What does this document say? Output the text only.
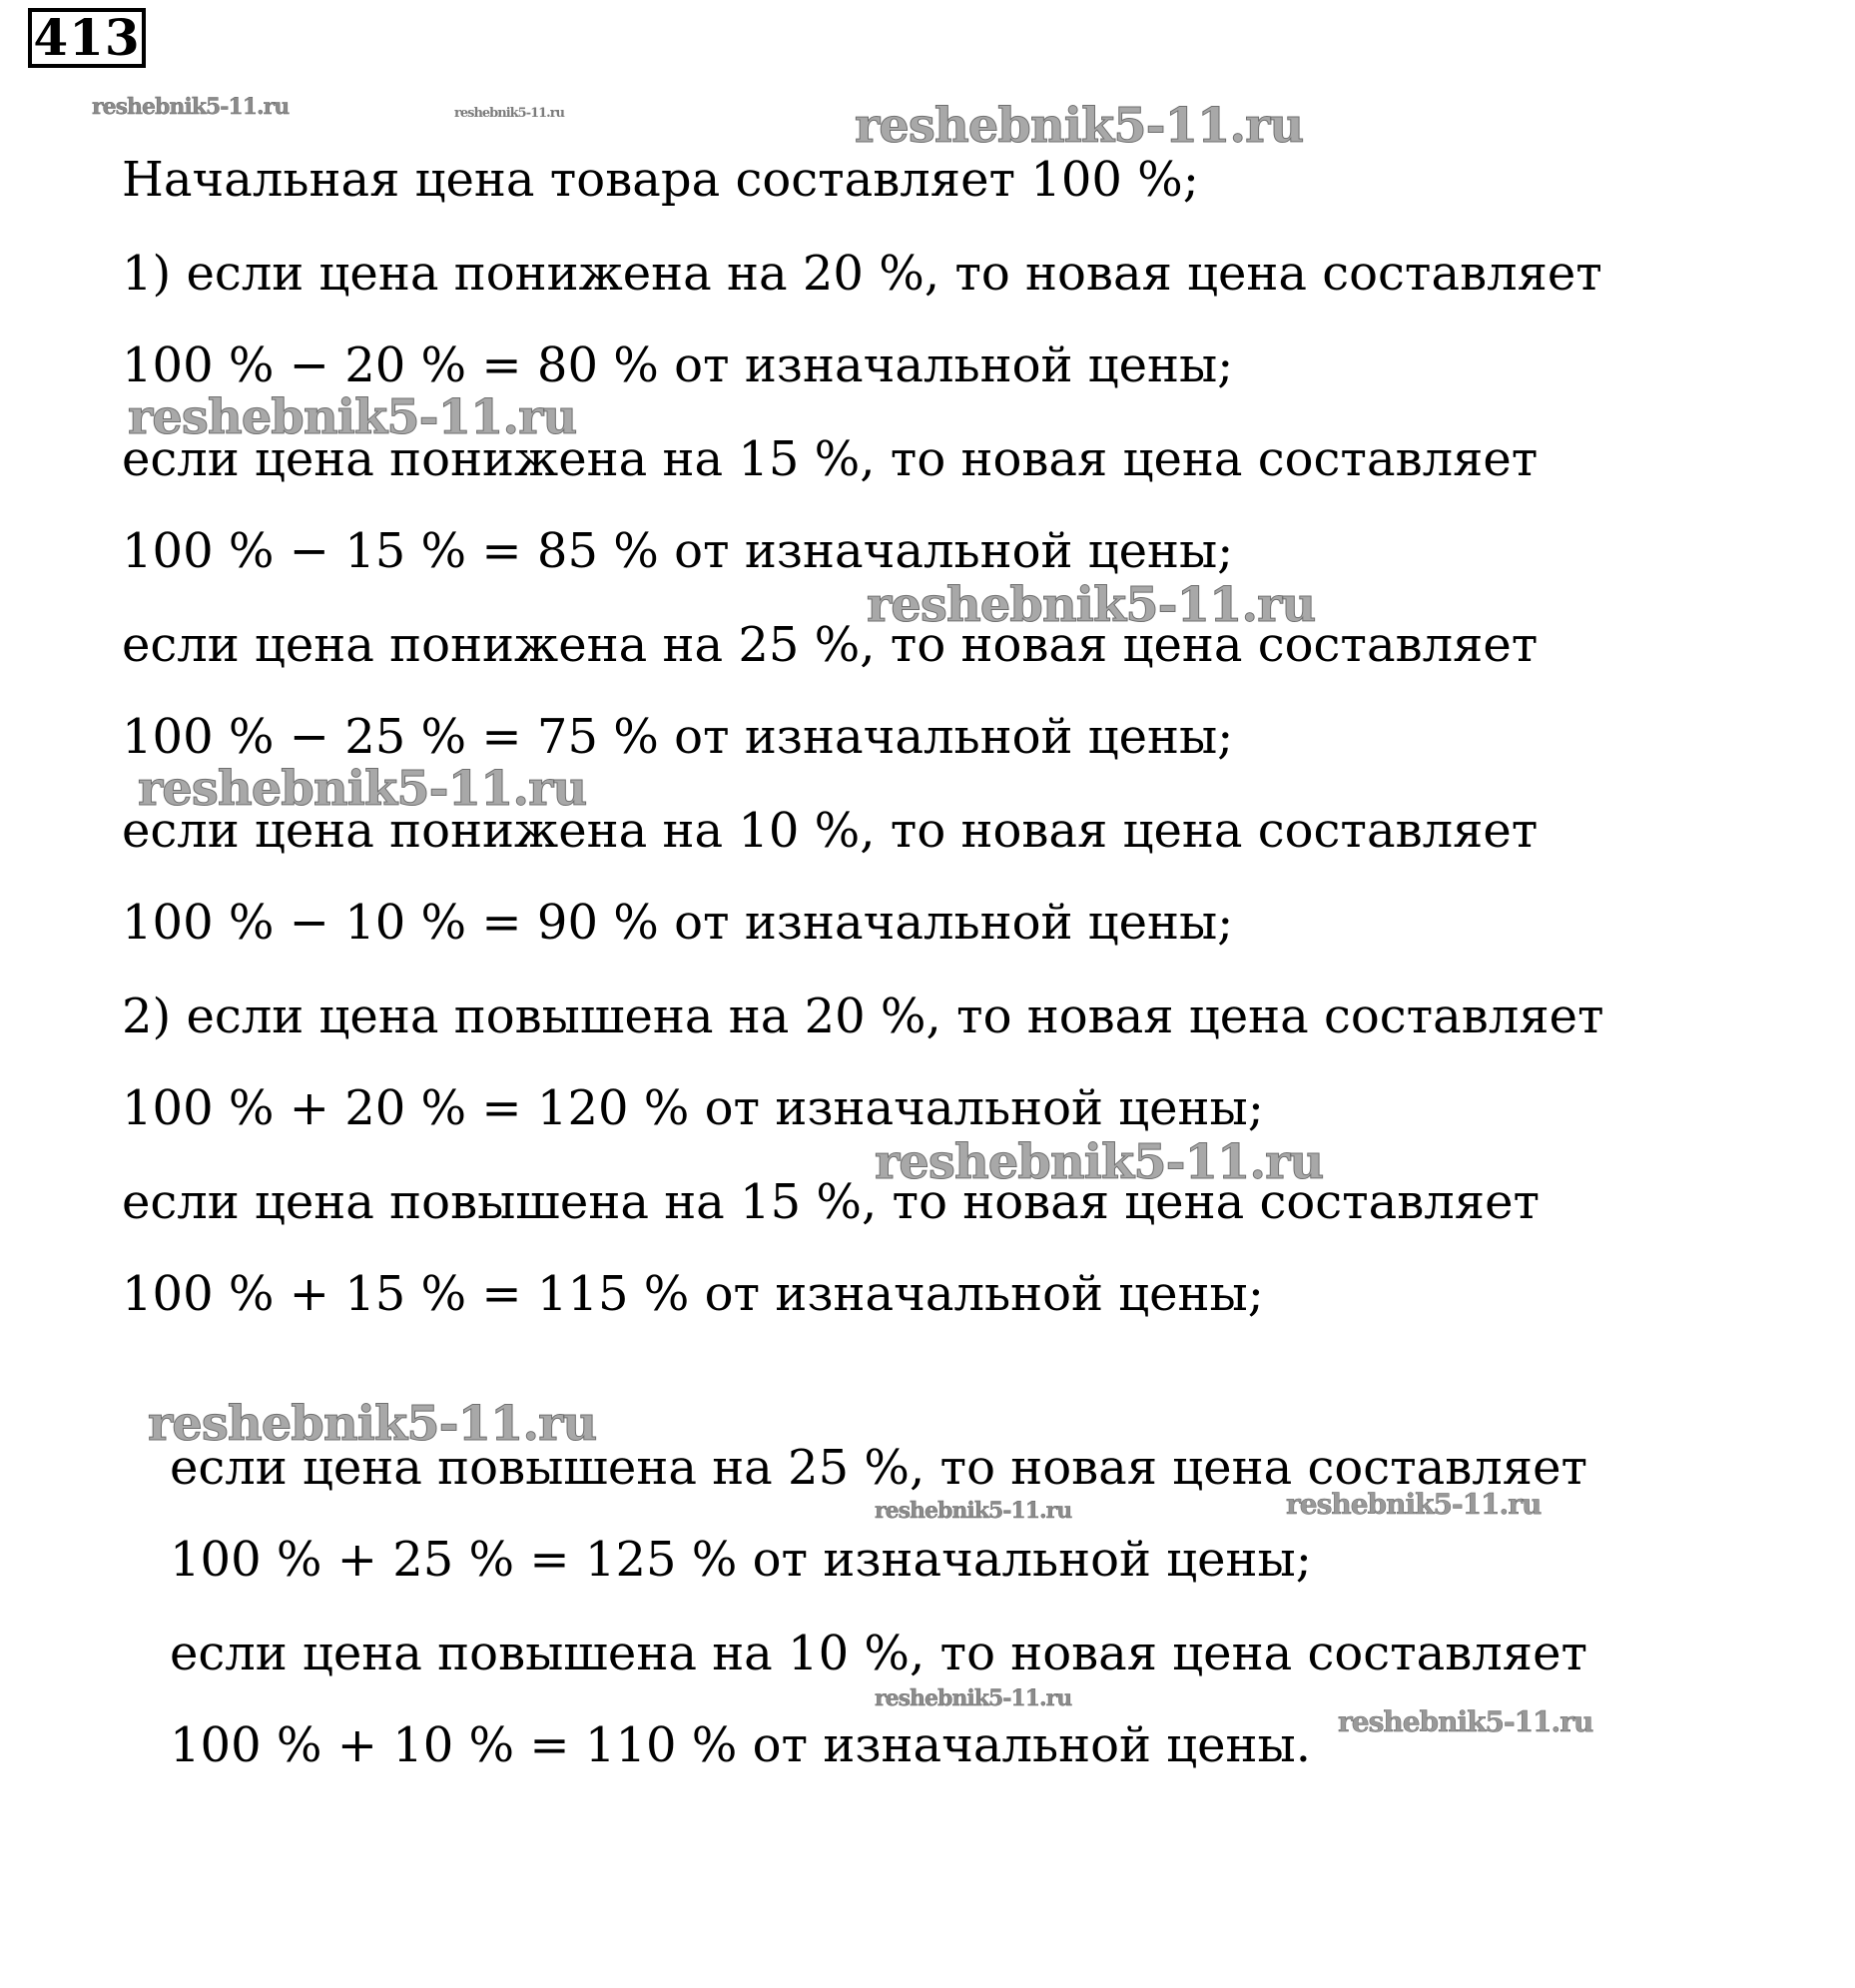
413
reshebnik5-11.ru	reshebnik5-11.ru	reshebnik5-11.ru
reshebnik5-11.ru
reshebnik5-11.ru
reshebnik5-11.ru
reshebnik5-11.ru
reshebnik5-11.ru
reshebnik5-11.ru	reshebnik5-11.ru
reshebnik5-11.ru
reshebnik5-11.ru
Начальная цена товара составляет 100 %;
1) если цена понижена на 20 %, то новая цена составляет
100 % − 20 % = 80 % от изначальной цены;
если цена понижена на 15 %, то новая цена составляет
100 % − 15 % = 85 % от изначальной цены;
если цена понижена на 25 %, то новая цена составляет
100 % − 25 % = 75 % от изначальной цены;
если цена понижена на 10 %, то новая цена составляет
100 % − 10 % = 90 % от изначальной цены;
2) если цена повышена на 20 %, то новая цена составляет
100 % + 20 % = 120 % от изначальной цены;
если цена повышена на 15 %, то новая цена составляет
100 % + 15 % = 115 % от изначальной цены;
если цена повышена на 25 %, то новая цена составляет
100 % + 25 % = 125 % от изначальной цены;
если цена повышена на 10 %, то новая цена составляет
100 % + 10 % = 110 % от изначальной цены.
